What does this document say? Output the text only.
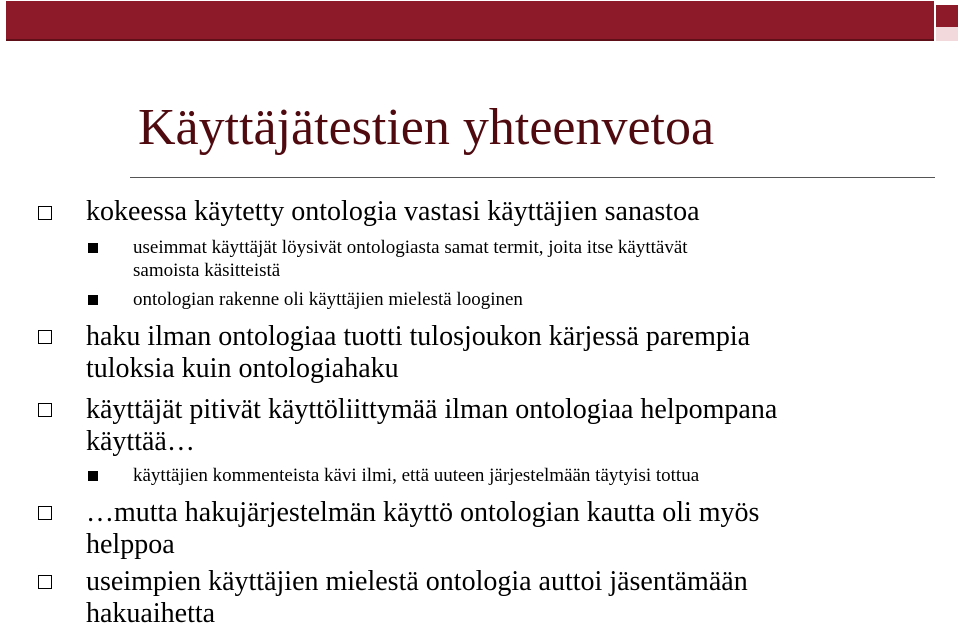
Käyttäjätestien yhteenvetoa
kokeessa käytetty ontologia vastasi käyttäjien sanastoa
useimmat käyttäjät löysivät ontologiasta samat termit, joita itse käyttävät
samoista käsitteistä
ontologian rakenne oli käyttäjien mielestä looginen
haku ilman ontologiaa tuotti tulosjoukon kärjessä parempia
tuloksia kuin ontologiahaku
käyttäjät pitivät käyttöliittymää ilman ontologiaa helpompana
käyttää…
käyttäjien kommenteista kävi ilmi, että uuteen järjestelmään täytyisi tottua
…mutta hakujärjestelmän käyttö ontologian kautta oli myös
helppoa
useimpien käyttäjien mielestä ontologia auttoi jäsentämään
hakuaihetta
